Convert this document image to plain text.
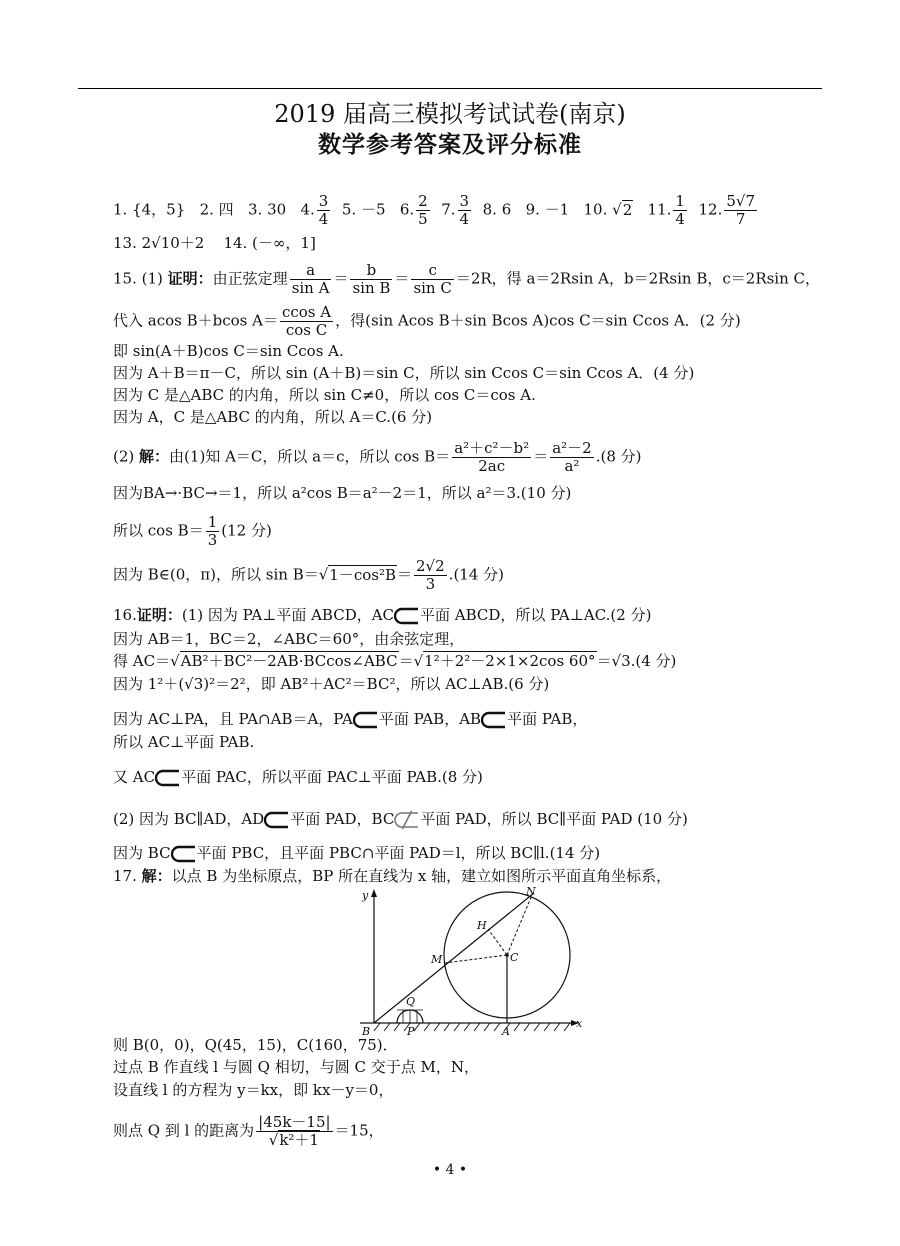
2019 届高三模拟考试试卷(南京)
数学参考答案及评分标准
1. {4，5} 2. 四 3. 30 4. $\frac{3}{4} 5$. －5 6. $\frac{2}{5} 7$. $\frac{3}{4} 8$. 6 9. －1 10. √2 11. $\frac{1}{4} 12$. $\frac{5√7}{7}$
13. 2√10＋2 14. (－∞，1]
15. (1) 证明：由正弦定理 $\frac{a}{\text{sin A}} = \frac{b}{\text{sin B}} = \frac{c}{\text{sin C}} =2R$，得 a＝2Rsin A，b＝2Rsin B，c＝2Rsin C，
代入 acos B＋bcos $A= \frac{\text{ccos A}}{\text{cos C}}$ ，得(sin Acos B＋sin Bcos A)cos C＝sin Ccos A．(2 分)
即 sin(A＋B)cos C＝sin Ccos A.
因为 A＋B＝π－C，所以 sin (A＋B)＝sin C，所以 sin Ccos C＝sin Ccos A．(4 分)
因为 C 是△ABC 的内角，所以 sin C≠0，所以 cos C＝cos A.
因为 A，C 是△ABC 的内角，所以 A＝C.(6 分)
(2) 解：由(1)知 A＝C，所以 a＝c，所以 $\cos B= \frac{\text{a²＋c²－b²}}{2ac} = \frac{\text{a²－2}}{\text{a²}} .(8$ 分)
因为BA→·BC→＝1，所以 a²cos B＝a²－2＝1，所以 a²＝3.(10 分)
所以 $\cos B= \frac{1}{3} (12$ 分)
因为 B∈(0，π)，所以 $\sin B=√1-\cos^2B= \frac{2√2}{3} .(14$ 分)
16.证明：(1) 因为 PA⊥平面 ABCD，AC 平面 ABCD，所以 PA⊥AC.(2 分)
因为 AB＝1，BC＝2，∠ABC＝60°，由余弦定理，
得 AC＝√AB²＋BC²－2AB·BCcos∠ABC＝√1²＋2²－2×1×2cos 60°＝√3.(4 分)
因为 1²＋(√3)²＝2²，即 AB²＋AC²＝BC²，所以 AC⊥AB.(6 分)
因为 AC⊥PA，且 PA∩AB＝A，PA 平面 PAB，AB 平面 PAB，
所以 AC⊥平面 PAB.
又 AC 平面 PAC，所以平面 PAC⊥平面 PAB.(8 分)
(2) 因为 BC∥AD，AD 平面 PAD，BC 平面 PAD，所以 BC∥平面 PAD (10 分)
因为 BC 平面 PBC，且平面 PBC∩平面 PAD＝l，所以 BC∥l.(14 分)
17. 解：以点 B 为坐标原点，BP 所在直线为 x 轴，建立如图所示平面直角坐标系，
y
x
B	P	A
Q
C
M
N
H
则 B(0，0)，Q(45，15)，C(160，75)．
过点 B 作直线 l 与圆 Q 相切，与圆 C 交于点 M，N，
设直线 l 的方程为 y＝kx，即 kx－y＝0，
则点 Q 到 l 的距离为 $\frac{|45k-15|}{\text{√k²＋1}} =15$，
• 4 •
